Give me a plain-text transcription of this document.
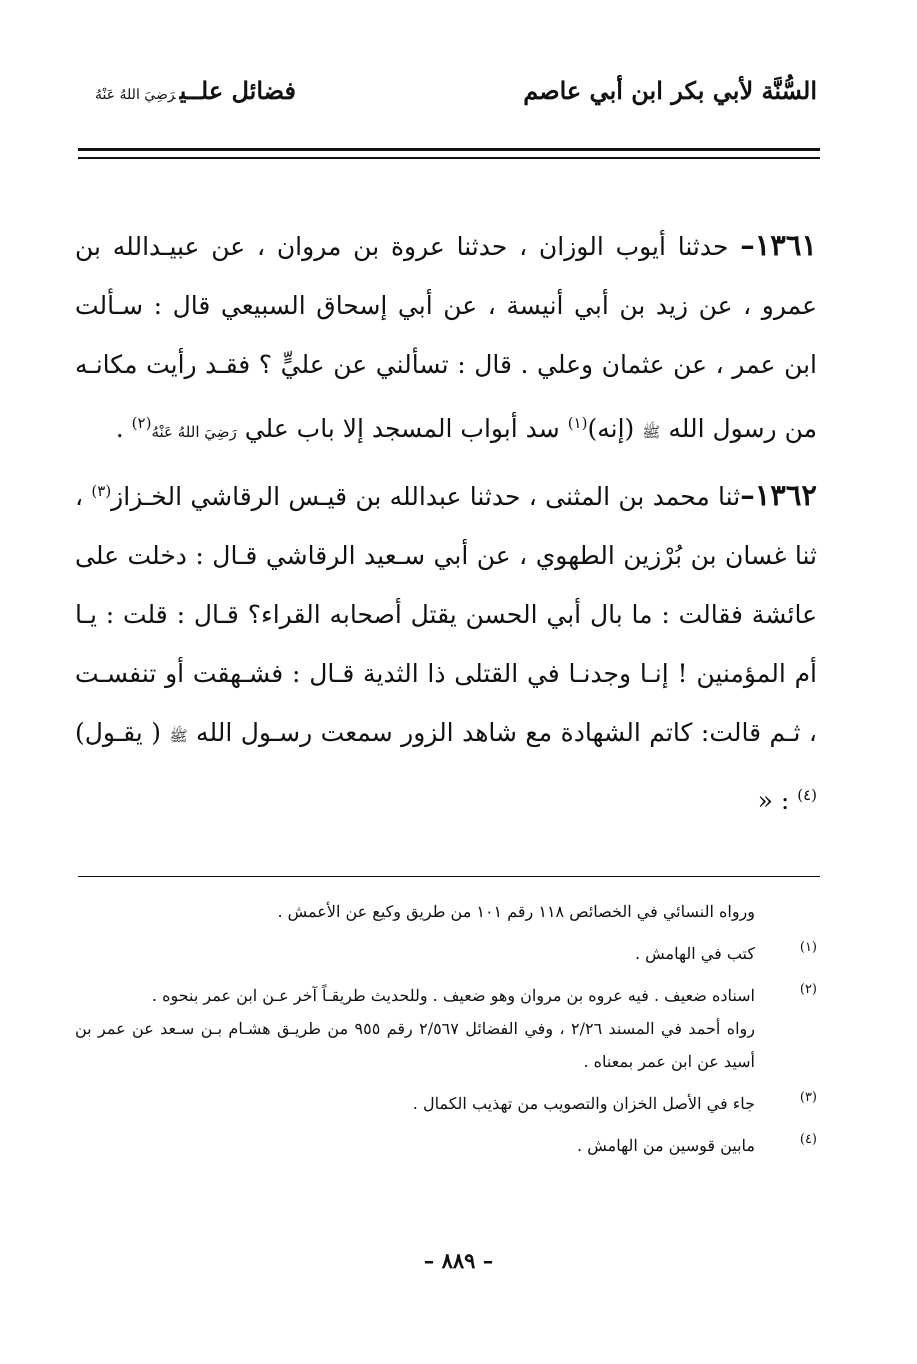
السُّنَّة لأبي بكر ابن أبي عاصم
فضائل علــيرَضِيَ اللهُ عَنْهُ

١٣٦١– حدثنا أيوب الوزان ، حدثنا عروة بن مروان ، عن عبيـدالله بن عمرو ، عن زيد بن أبي أنيسة ، عن أبي إسحاق السبيعي قال : سـألت ابن عمر ، عن عثمان وعلي . قال : تسألني عن عليٍّ ؟ فقـد رأيت مكانـه من رسول الله ﷺ (إنه)$^{(١)}$ سد أبواب المسجد إلا باب علي رَضِيَ اللهُ عَنْهُ$^{(٢)}$ .

١٣٦٢–ثنا محمد بن المثنى ، حدثنا عبدالله بن قيـس الرقاشي الخـزاز$^{(٣)}$ ، ثنا غسان بن بُرْزين الطهوي ، عن أبي سـعيد الرقاشي قـال : دخلت على عائشة فقالت : ما بال أبي الحسن يقتل أصحابه القراء؟ قـال : قلت : يـا أم المؤمنين ! إنـا وجدنـا في القتلى ذا الثدية قـال : فشـهقت أو تنفسـت ، ثـم قالت: كاتم الشهادة مع شاهد الزور سمعت رسـول الله ﷺ ( يقـول)$^{(٤)}$ : «

ورواه النسائي في الخصائص ١١٨ رقم ١٠١ من طريق وكيع عن الأعمش .
(١)
كتب في الهامش .
(٢)
اسناده ضعيف . فيه عروه بن مروان وهو ضعيف . وللحديث طريقـاً آخر عـن ابن عمر بنحوه .
رواه أحمد في المسند ٢/٢٦ ، وفي الفضائل ٢/٥٦٧ رقم ٩٥٥ من طريـق هشـام بـن سـعد عن عمر بن أسيد عن ابن عمر بمعناه .
(٣)
جاء في الأصل الخزان والتصويب من تهذيب الكمال .
(٤)
مابين قوسين من الهامش .
– ٨٨٩ –
